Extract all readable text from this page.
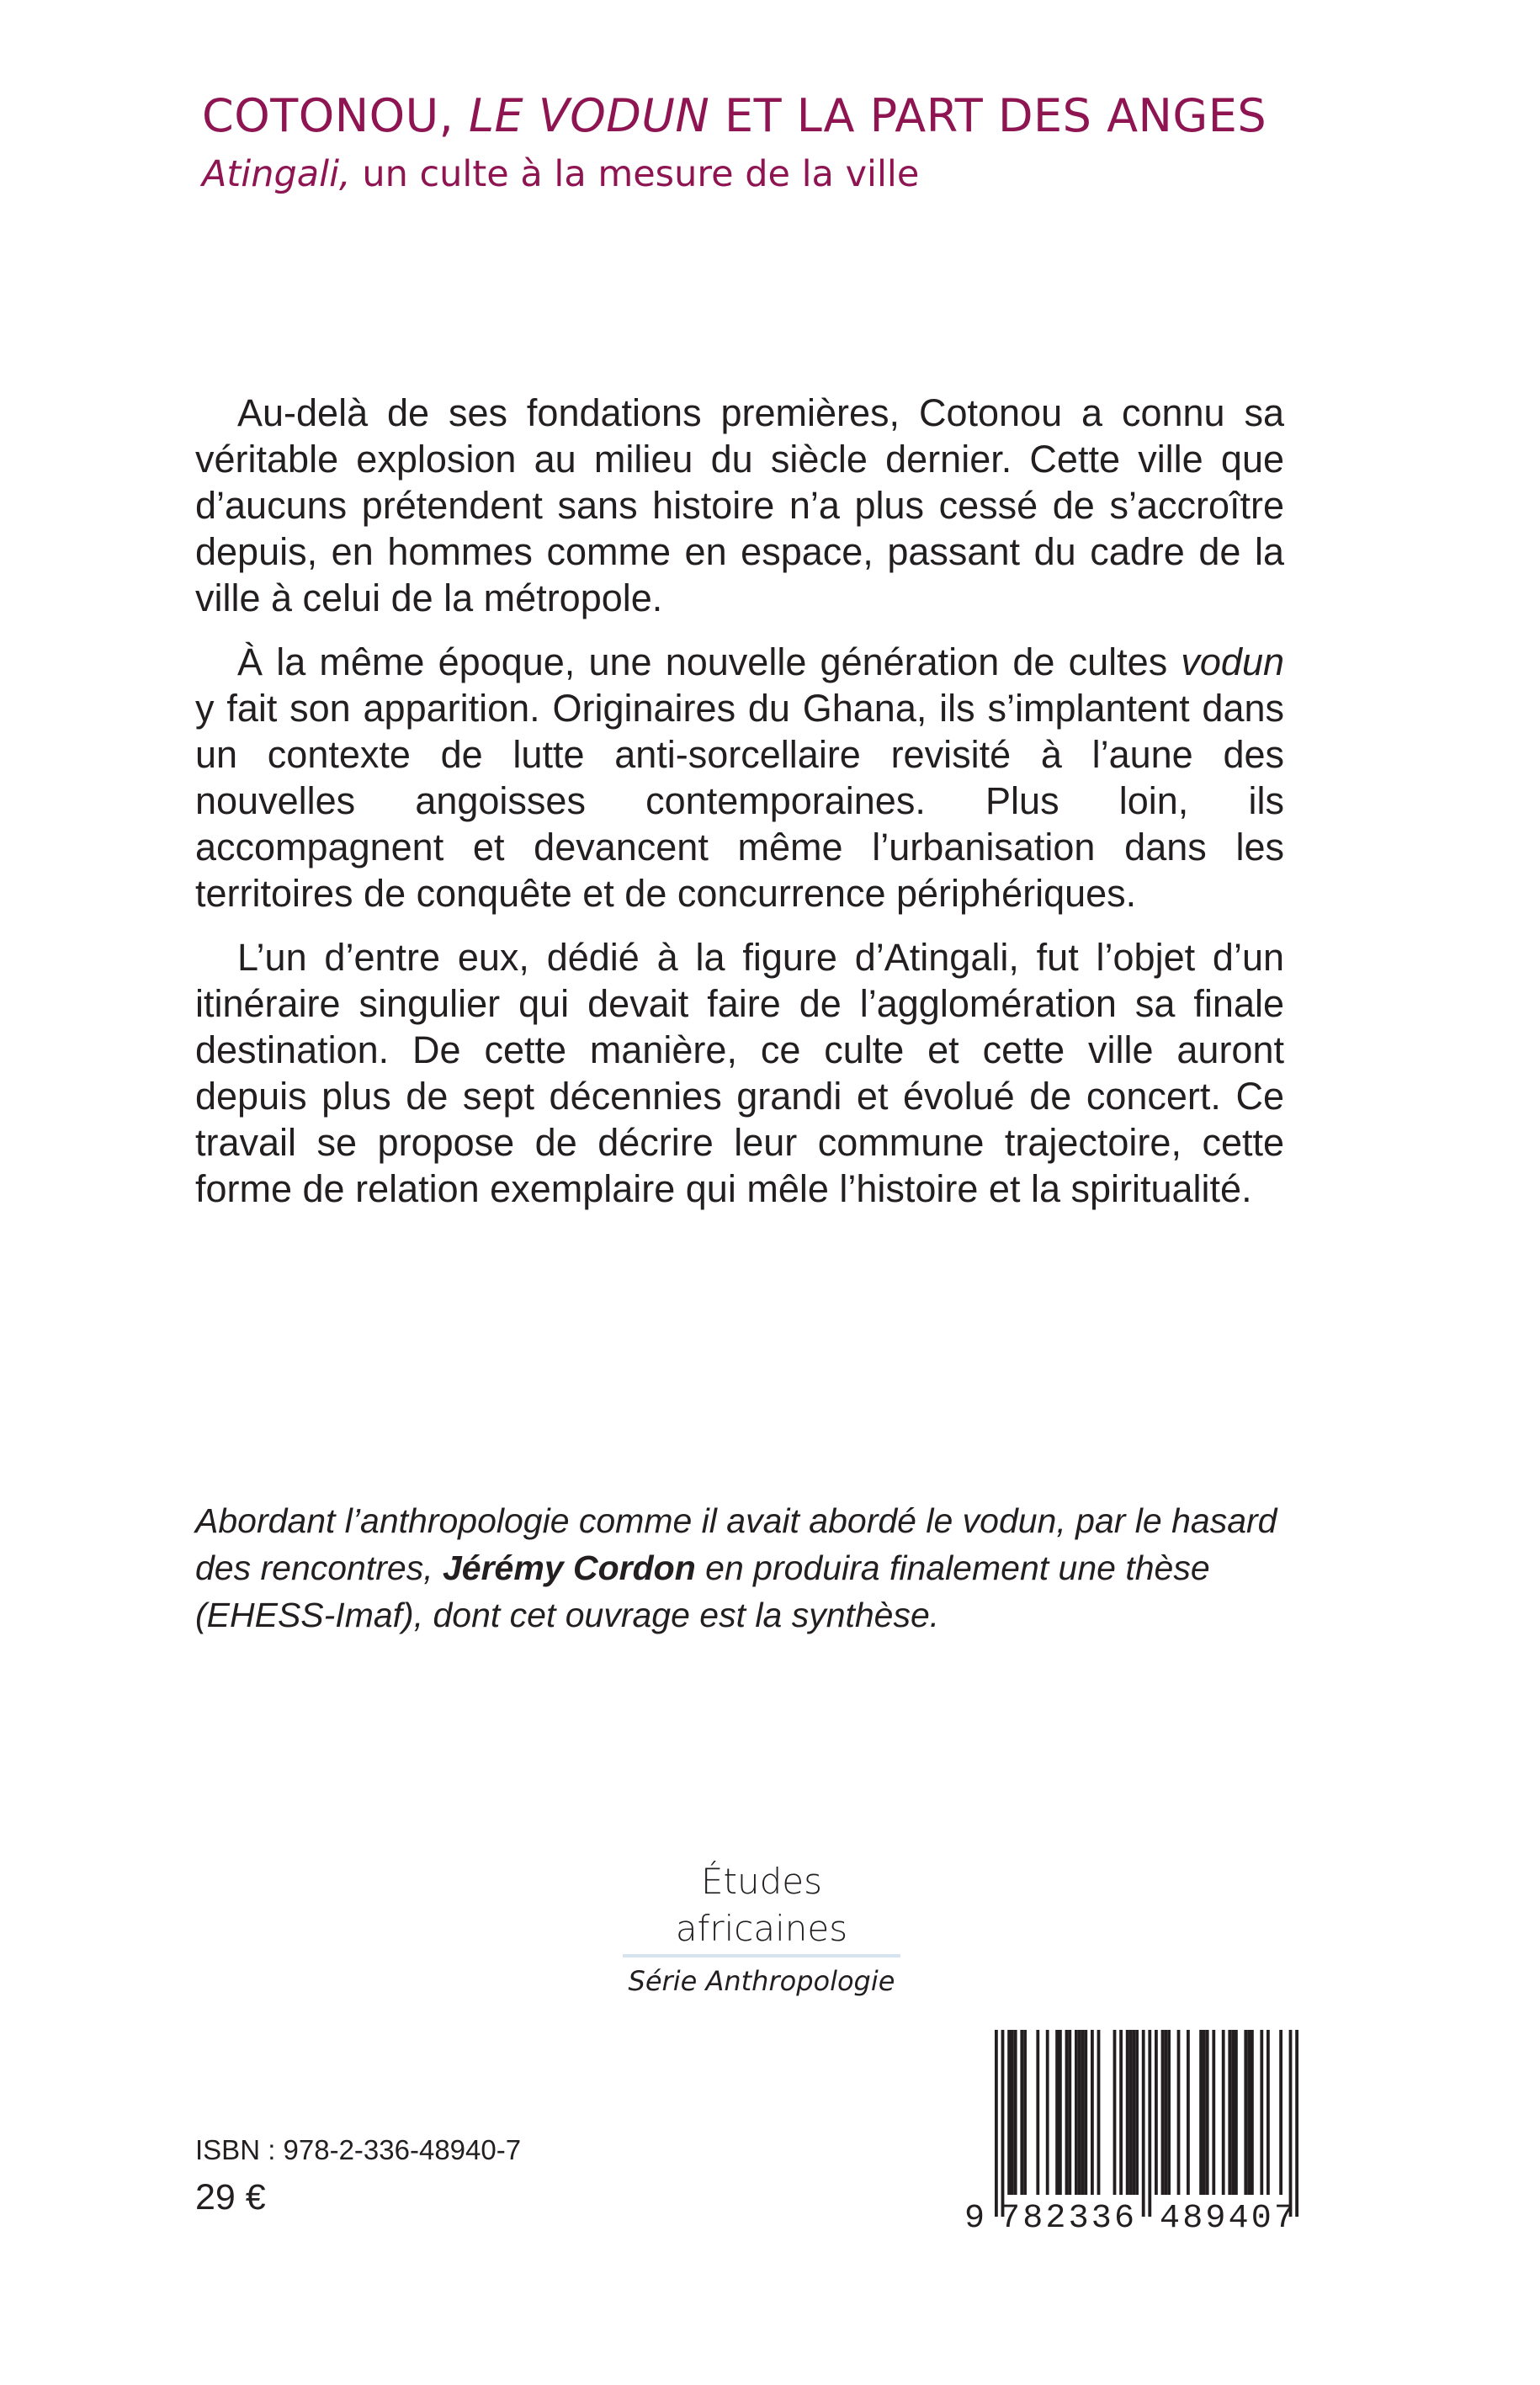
COTONOU, LE VODUN ET LA PART DES ANGES
Atingali, un culte à la mesure de la ville

Au-delà de ses fondations premières, Cotonou a connu sa véritable explosion au milieu du siècle dernier. Cette ville que d’aucuns prétendent sans histoire n’a plus cessé de s’accroître depuis, en hommes comme en espace, passant du cadre de la ville à celui de la métropole.

À la même époque, une nouvelle génération de cultes vodun y fait son apparition. Originaires du Ghana, ils s’implantent dans un contexte de lutte anti-sorcellaire revisité à l’aune des nouvelles angoisses contemporaines. Plus loin, ils accompagnent et devancent même l’urbanisation dans les territoires de conquête et de concurrence périphériques.

L’un d’entre eux, dédié à la figure d’Atingali, fut l’objet d’un itinéraire singulier qui devait faire de l’agglomération sa finale destination. De cette manière, ce culte et cette ville auront depuis plus de sept décennies grandi et évolué de concert. Ce travail se propose de décrire leur commune trajectoire, cette forme de relation exemplaire qui mêle l’histoire et la spiritualité.

Abordant l’anthropologie comme il avait abordé le vodun, par le hasard des rencontres, Jérémy Cordon en produira finalement une thèse (EHESS-Imaf), dont cet ouvrage est la synthèse.
Études africaines
Série Anthropologie
ISBN : 978-2-336-48940-7
29 €
9 782336 489407
